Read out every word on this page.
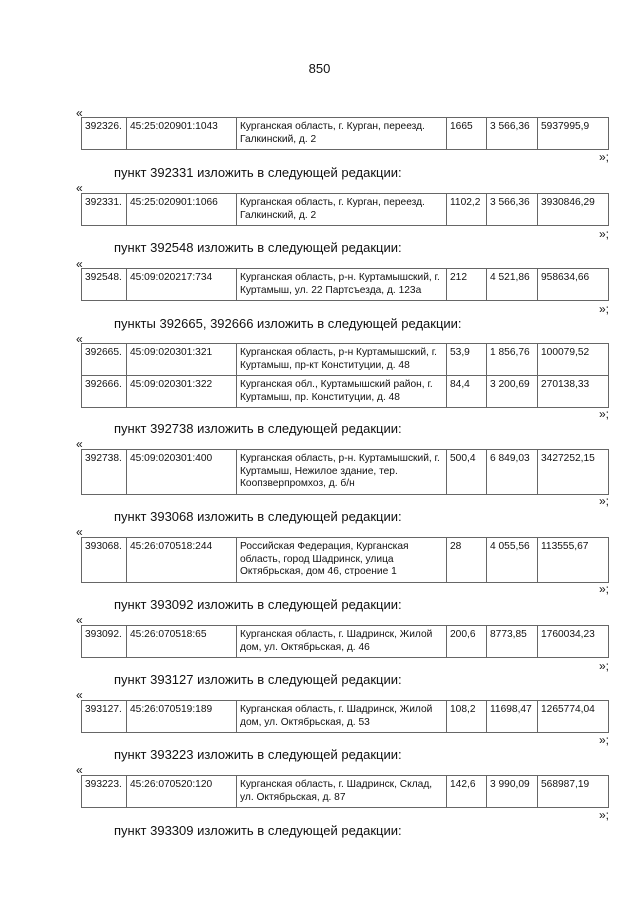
850
«
392326.	45:25:020901:1043	Курганская область, г. Курган, переезд. Галкинский, д. 2	1665	3 566,36	5937995,9
»;
пункт 392331 изложить в следующей редакции:
«
392331.	45:25:020901:1066	Курганская область, г. Курган, переезд. Галкинский, д. 2	1102,2	3 566,36	3930846,29
»;
пункт 392548 изложить в следующей редакции:
«
392548.	45:09:020217:734	Курганская область, р-н. Куртамышский, г. Куртамыш, ул. 22 Партсъезда, д. 123а	212	4 521,86	958634,66
»;
пункты 392665, 392666 изложить в следующей редакции:
«
392665.	45:09:020301:321	Курганская область, р-н Куртамышский, г. Куртамыш, пр-кт Конституции, д. 48	53,9	1 856,76	100079,52
392666.	45:09:020301:322	Курганская обл., Куртамышский район, г. Куртамыш, пр. Конституции, д. 48	84,4	3 200,69	270138,33
»;
пункт 392738 изложить в следующей редакции:
«
392738.	45:09:020301:400	Курганская область, р-н. Куртамышский, г. Куртамыш, Нежилое здание, тер. Коопзверпромхоз, д. б/н	500,4	6 849,03	3427252,15
»;
пункт 393068 изложить в следующей редакции:
«
393068.	45:26:070518:244	Российская Федерация, Курганская область, город Шадринск, улица Октябрьская, дом 46, строение 1	28	4 055,56	113555,67
»;
пункт 393092 изложить в следующей редакции:
«
393092.	45:26:070518:65	Курганская область, г. Шадринск, Жилой дом, ул. Октябрьская, д. 46	200,6	8773,85	1760034,23
»;
пункт 393127 изложить в следующей редакции:
«
393127.	45:26:070519:189	Курганская область, г. Шадринск, Жилой дом, ул. Октябрьская, д. 53	108,2	11698,47	1265774,04
»;
пункт 393223 изложить в следующей редакции:
«
393223.	45:26:070520:120	Курганская область, г. Шадринск, Склад, ул. Октябрьская, д. 87	142,6	3 990,09	568987,19
»;
пункт 393309 изложить в следующей редакции:
